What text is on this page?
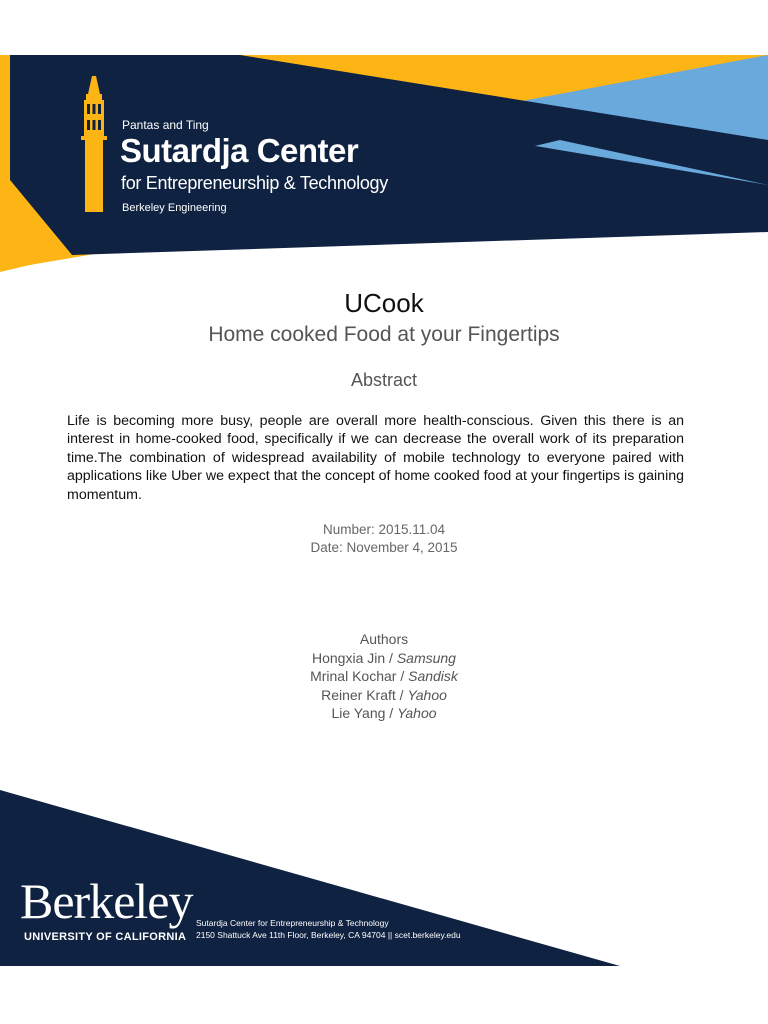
Pantas and Ting
Sutardja Center
for Entrepreneurship & Technology
Berkeley Engineering
UCook
Home cooked Food at your Fingertips
Abstract
Life is becoming more busy, people are overall more health-conscious. Given this there is an interest in home-cooked food, specifically if we can decrease the overall work of its preparation time.The combination of widespread availability of mobile technology to everyone paired with applications like Uber we expect that the concept of home cooked food at your fingertips is gaining momentum.
Number: 2015.11.04
Date: November 4, 2015
Authors
Hongxia Jin / Samsung
Mrinal Kochar / Sandisk
Reiner Kraft / Yahoo
Lie Yang / Yahoo
Berkeley
UNIVERSITY OF CALIFORNIA
Sutardja Center for Entrepreneurship & Technology
2150 Shattuck Ave 11th Floor, Berkeley, CA 94704 || scet.berkeley.edu
